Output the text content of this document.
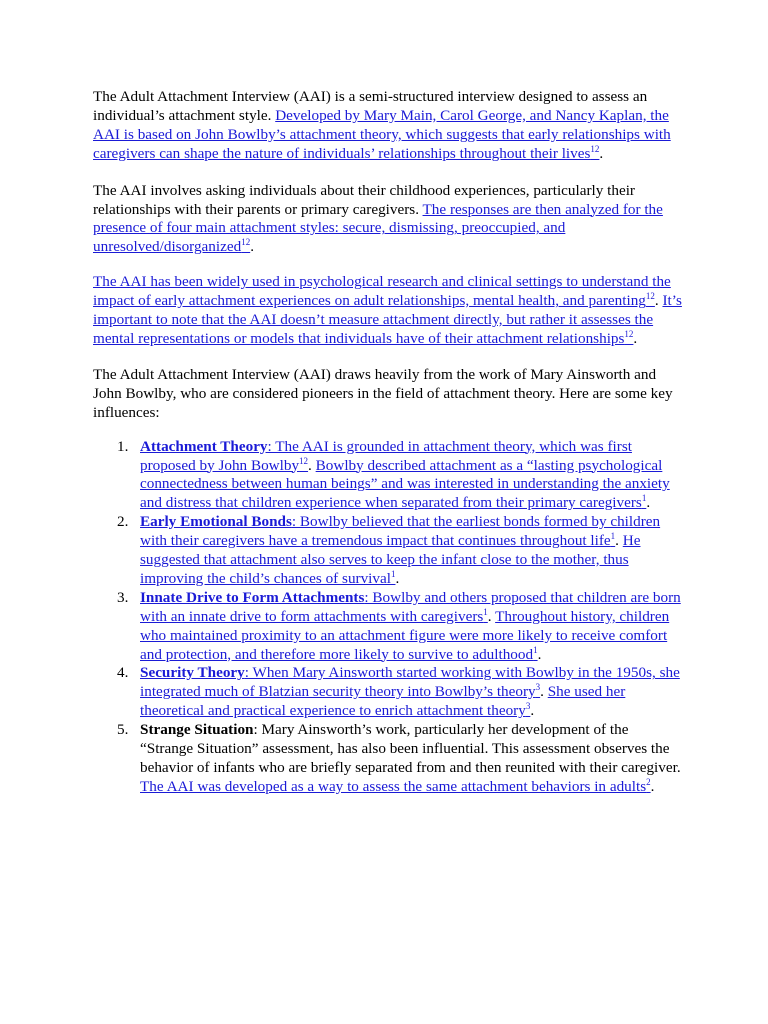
The Adult Attachment Interview (AAI) is a semi-structured interview designed to assess an individual’s attachment style. Developed by Mary Main, Carol George, and Nancy Kaplan, the AAI is based on John Bowlby’s attachment theory, which suggests that early relationships with caregivers can shape the nature of individuals’ relationships throughout their lives$^{12}$.

The AAI involves asking individuals about their childhood experiences, particularly their relationships with their parents or primary caregivers. The responses are then analyzed for the presence of four main attachment styles: secure, dismissing, preoccupied, and unresolved/disorganized$^{12}$.

The AAI has been widely used in psychological research and clinical settings to understand the impact of early attachment experiences on adult relationships, mental health, and parenting$^{12}$. It’s important to note that the AAI doesn’t measure attachment directly, but rather it assesses the mental representations or models that individuals have of their attachment relationships$^{12}$.

The Adult Attachment Interview (AAI) draws heavily from the work of Mary Ainsworth and John Bowlby, who are considered pioneers in the field of attachment theory. Here are some key influences:

1. Attachment Theory: The AAI is grounded in attachment theory, which was first proposed by John Bowlby$^{12}$. Bowlby described attachment as a “lasting psychological connectedness between human beings” and was interested in understanding the anxiety and distress that children experience when separated from their primary caregivers$^1$.
2. Early Emotional Bonds: Bowlby believed that the earliest bonds formed by children with their caregivers have a tremendous impact that continues throughout life$^1$. He suggested that attachment also serves to keep the infant close to the mother, thus improving the child’s chances of survival$^1$.
3. Innate Drive to Form Attachments: Bowlby and others proposed that children are born with an innate drive to form attachments with caregivers$^1$. Throughout history, children who maintained proximity to an attachment figure were more likely to receive comfort and protection, and therefore more likely to survive to adulthood$^1$.
4. Security Theory: When Mary Ainsworth started working with Bowlby in the 1950s, she integrated much of Blatzian security theory into Bowlby’s theory$^3$. She used her theoretical and practical experience to enrich attachment theory$^3$.
5. Strange Situation: Mary Ainsworth’s work, particularly her development of the “Strange Situation” assessment, has also been influential. This assessment observes the behavior of infants who are briefly separated from and then reunited with their caregiver. The AAI was developed as a way to assess the same attachment behaviors in adults$^2$.
